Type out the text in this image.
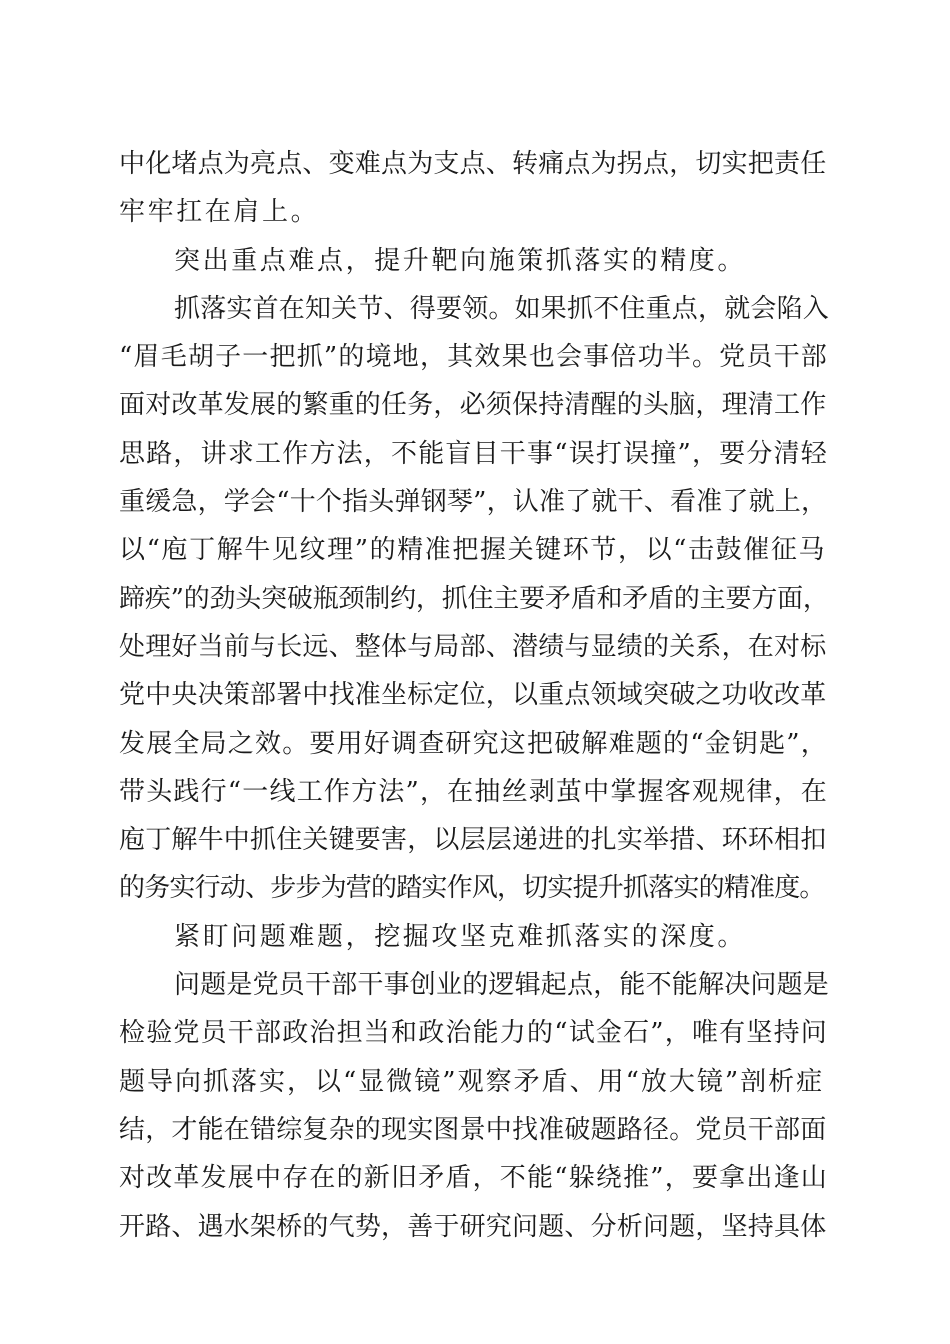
中化堵点为亮点、变难点为支点、转痛点为拐点，切实把责任
牢牢扛在肩上。
突出重点难点，提升靶向施策抓落实的精度。
抓落实首在知关节、得要领。如果抓不住重点，就会陷入
“眉毛胡子一把抓”的境地，其效果也会事倍功半。党员干部
面对改革发展的繁重的任务，必须保持清醒的头脑，理清工作
思路，讲求工作方法，不能盲目干事“误打误撞”，要分清轻
重缓急，学会“十个指头弹钢琴”，认准了就干、看准了就上，
以“庖丁解牛见纹理”的精准把握关键环节，以“击鼓催征马
蹄疾”的劲头突破瓶颈制约，抓住主要矛盾和矛盾的主要方面，
处理好当前与长远、整体与局部、潜绩与显绩的关系，在对标
党中央决策部署中找准坐标定位，以重点领域突破之功收改革
发展全局之效。要用好调查研究这把破解难题的“金钥匙”，
带头践行“一线工作方法”，在抽丝剥茧中掌握客观规律，在
庖丁解牛中抓住关键要害，以层层递进的扎实举措、环环相扣
的务实行动、步步为营的踏实作风，切实提升抓落实的精准度。
紧盯问题难题，挖掘攻坚克难抓落实的深度。
问题是党员干部干事创业的逻辑起点，能不能解决问题是
检验党员干部政治担当和政治能力的“试金石”，唯有坚持问
题导向抓落实，以“显微镜”观察矛盾、用“放大镜”剖析症
结，才能在错综复杂的现实图景中找准破题路径。党员干部面
对改革发展中存在的新旧矛盾，不能“躲绕推”，要拿出逢山
开路、遇水架桥的气势，善于研究问题、分析问题，坚持具体
